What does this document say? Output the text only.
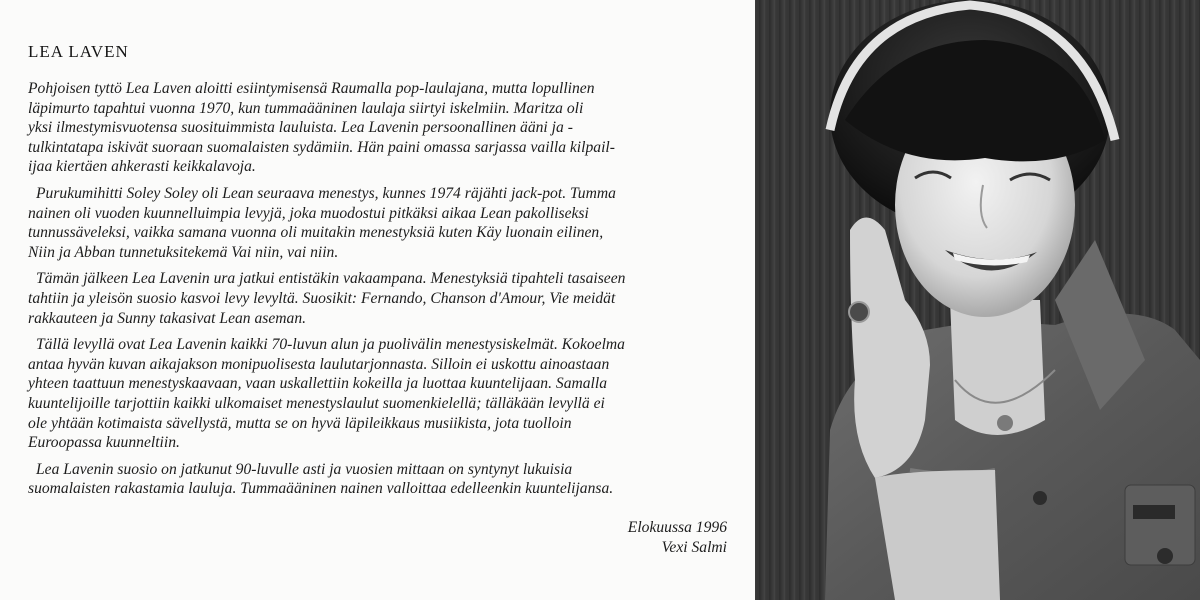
LEA LAVEN

Pohjoisen tyttö Lea Laven aloitti esiintymisensä Raumalla pop-laulajana, mutta lopullinen
läpimurto tapahtui vuonna 1970, kun tummaääninen laulaja siirtyi iskelmiin. Maritza oli
yksi ilmestymisvuotensa suosituimmista lauluista. Lea Lavenin persoonallinen ääni ja -
tulkintatapa iskivät suoraan suomalaisten sydämiin. Hän paini omassa sarjassa vailla kilpail-
ijaa kiertäen ahkerasti keikkalavoja.

Purukumihitti Soley Soley oli Lean seuraava menestys, kunnes 1974 räjähti jack-pot. Tumma
nainen oli vuoden kuunnelluimpia levyjä, joka muodostui pitkäksi aikaa Lean pakolliseksi
tunnussäveleksi, vaikka samana vuonna oli muitakin menestyksiä kuten Käy luonain eilinen,
Niin ja Abban tunnetuksitekemä Vai niin, vai niin.

Tämän jälkeen Lea Lavenin ura jatkui entistäkin vakaampana. Menestyksiä tipahteli tasaiseen
tahtiin ja yleisön suosio kasvoi levy levyltä. Suosikit: Fernando, Chanson d'Amour, Vie meidät
rakkauteen ja Sunny takasivat Lean aseman.

Tällä levyllä ovat Lea Lavenin kaikki 70-luvun alun ja puolivälin menestysiskelmät. Kokoelma
antaa hyvän kuvan aikajakson monipuolisesta laulutarjonnasta. Silloin ei uskottu ainoastaan
yhteen taattuun menestyskaavaan, vaan uskallettiin kokeilla ja luottaa kuuntelijaan. Samalla
kuuntelijoille tarjottiin kaikki ulkomaiset menestyslaulut suomenkielellä; tälläkään levyllä ei
ole yhtään kotimaista sävellystä, mutta se on hyvä läpileikkaus musiikista, jota tuolloin
Euroopassa kuunneltiin.

Lea Lavenin suosio on jatkunut 90-luvulle asti ja vuosien mittaan on syntynyt lukuisia
suomalaisten rakastamia lauluja. Tummaääninen nainen valloittaa edelleenkin kuuntelijansa.

Elokuussa 1996
Vexi Salmi
